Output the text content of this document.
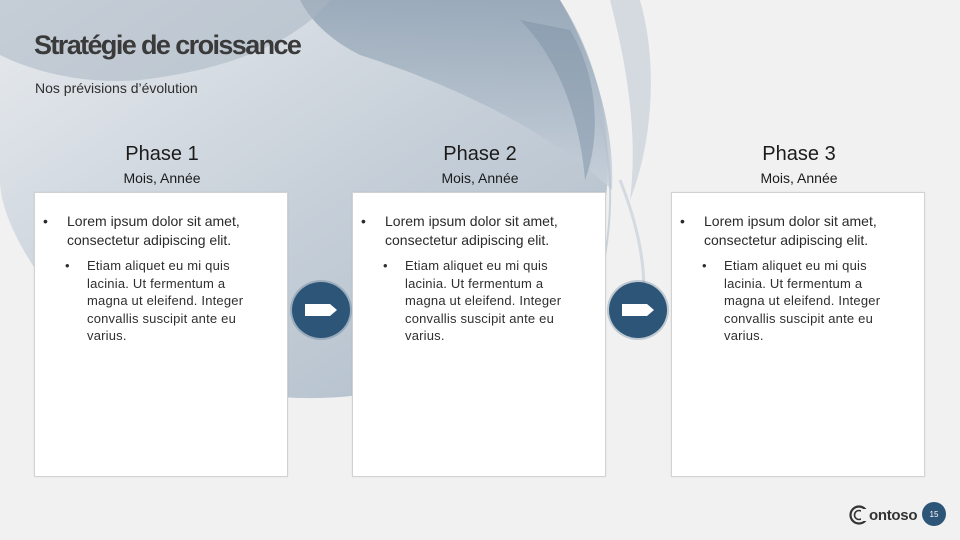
Stratégie de croissance
Nos prévisions d’évolution
Phase 1
Mois, Année
Phase 2
Mois, Année
Phase 3
Mois, Année
• Lorem ipsum dolor sit amet, consectetur adipiscing elit.
• Etiam aliquet eu mi quis lacinia. Ut fermentum a magna ut eleifend. Integer convallis suscipit ante eu varius.
• Lorem ipsum dolor sit amet, consectetur adipiscing elit.
• Etiam aliquet eu mi quis lacinia. Ut fermentum a magna ut eleifend. Integer convallis suscipit ante eu varius.
• Lorem ipsum dolor sit amet, consectetur adipiscing elit.
• Etiam aliquet eu mi quis lacinia. Ut fermentum a magna ut eleifend. Integer convallis suscipit ante eu varius.
ontoso	15
